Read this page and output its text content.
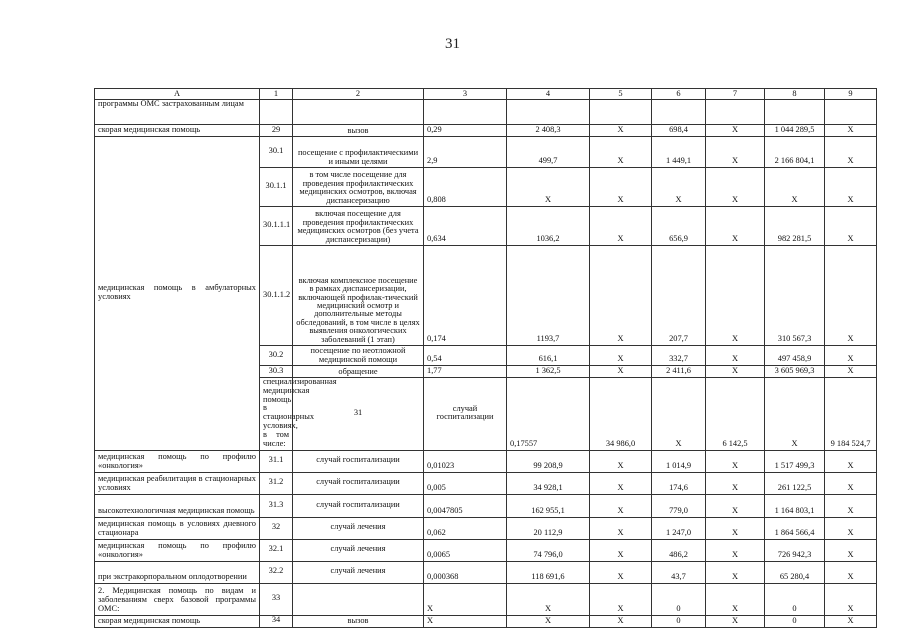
31
А	1	2	3	4	5	6	7	8	9	
программы ОМС застрахованным лицам										
скорая медицинская помощь	29	вызов	0,29	2 408,3	Х	698,4	Х	1 044 289,5	Х	
медицинская помощь в амбулаторных условиях	30.1	посещение с профилактическими и иными целями	2,9	499,7	Х	1 449,1	Х	2 166 804,1	Х	
	30.1.1	в том числе посещение для проведения профилактических медицинских осмотров, включая диспансеризацию	0,808	Х	Х	Х	Х	Х	Х	
	30.1.1.1	включая посещение для проведения профилактических медицинских осмотров (без учета диспансеризации)	0,634	1036,2	Х	656,9	Х	982 281,5	Х	
	30.1.1.2	включая комплексное посещение в рамках диспансеризации, включающей профилак-тический медицинский осмотр и дополнительные методы обследований, в том числе в целях выявления онкологических заболеваний (1 этап)	0,174	1193,7	Х	207,7	Х	310 567,3	Х	
	30.2	посещение по неотложной медицинской помощи	0,54	616,1	Х	332,7	Х	497 458,9	Х	
	30.3	обращение	1,77	1 362,5	Х	2 411,6	Х	3 605 969,3	Х	
	специализированная медицинская помощь в стационарных условиях, в том числе:	31	случай госпитализации	0,17557	34 986,0	Х	6 142,5	Х	9 184 524,7	
медицинская помощь по профилю «онкология»	31.1	случай госпитализации	0,01023	99 208,9	Х	1 014,9	Х	1 517 499,3	Х	
медицинская реабилитация в стационарных условиях	31.2	случай госпитализации	0,005	34 928,1	Х	174,6	Х	261 122,5	Х	
высокотехнологичная медицинская помощь	31.3	случай госпитализации	0,0047805	162 955,1	Х	779,0	Х	1 164 803,1	Х	
медицинская помощь в условиях дневного стационара	32	случай лечения	0,062	20 112,9	Х	1 247,0	Х	1 864 566,4	Х	
медицинская помощь по профилю «онкология»	32.1	случай лечения	0,0065	74 796,0	Х	486,2	Х	726 942,3	Х	
при экстракорпоральном оплодотворении	32.2	случай лечения	0,000368	118 691,6	Х	43,7	Х	65 280,4	Х	
2. Медицинская помощь по видам и заболеваниям сверх базовой программы ОМС:	33		Х	Х	Х	0	Х	0	Х	
скорая медицинская помощь	34	вызов	Х	Х	Х	0	Х	0	Х	
